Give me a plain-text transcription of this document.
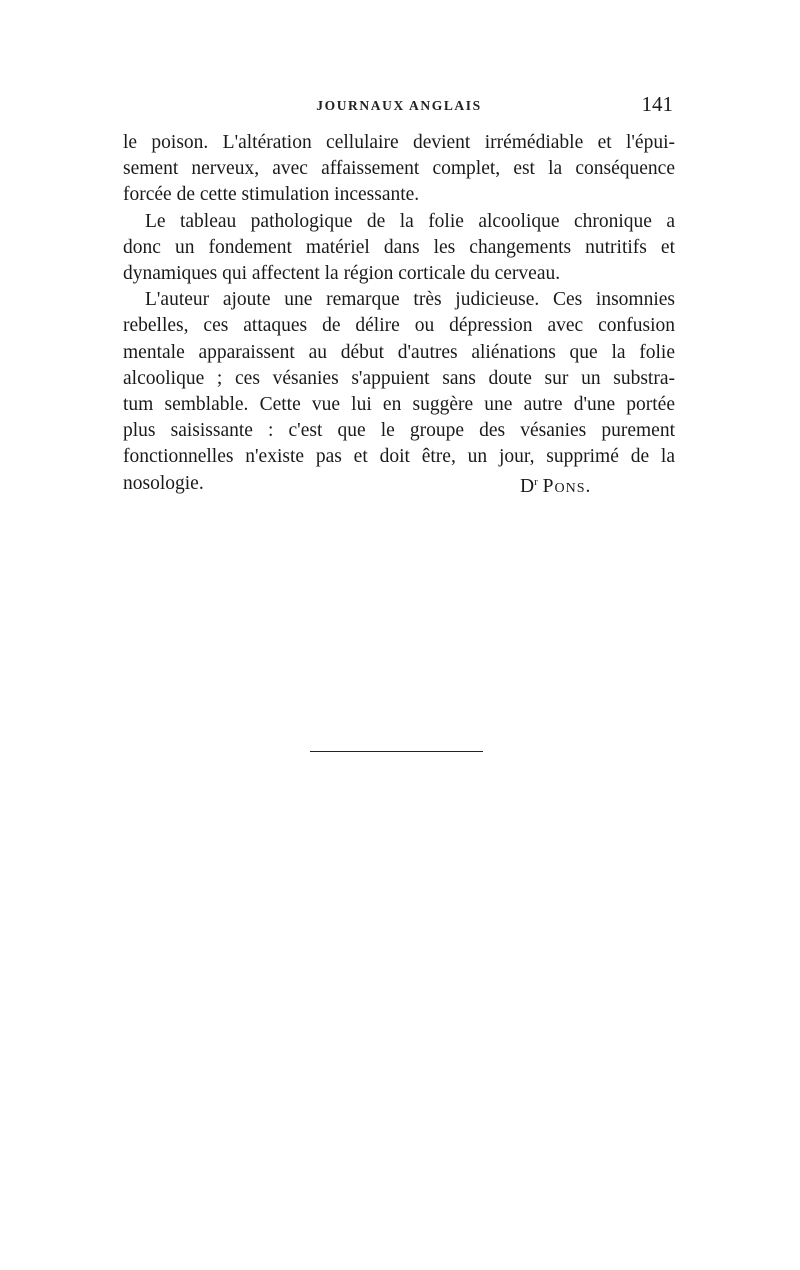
JOURNAUX ANGLAIS	141

le poison. L'altération cellulaire devient irrémédiable et l'épui-
sement nerveux, avec affaissement complet, est la conséquence
forcée de cette stimulation incessante.

Le tableau pathologique de la folie alcoolique chronique a
donc un fondement matériel dans les changements nutritifs et
dynamiques qui affectent la région corticale du cerveau.

L'auteur ajoute une remarque très judicieuse. Ces insomnies
rebelles, ces attaques de délire ou dépression avec confusion
mentale apparaissent au début d'autres aliénations que la folie
alcoolique ; ces vésanies s'appuient sans doute sur un substra-
tum semblable. Cette vue lui en suggère une autre d'une portée
plus saisissante : c'est que le groupe des vésanies purement
fonctionnelles n'existe pas et doit être, un jour, supprimé de la
nosologie.	$D^r$ Pons.
